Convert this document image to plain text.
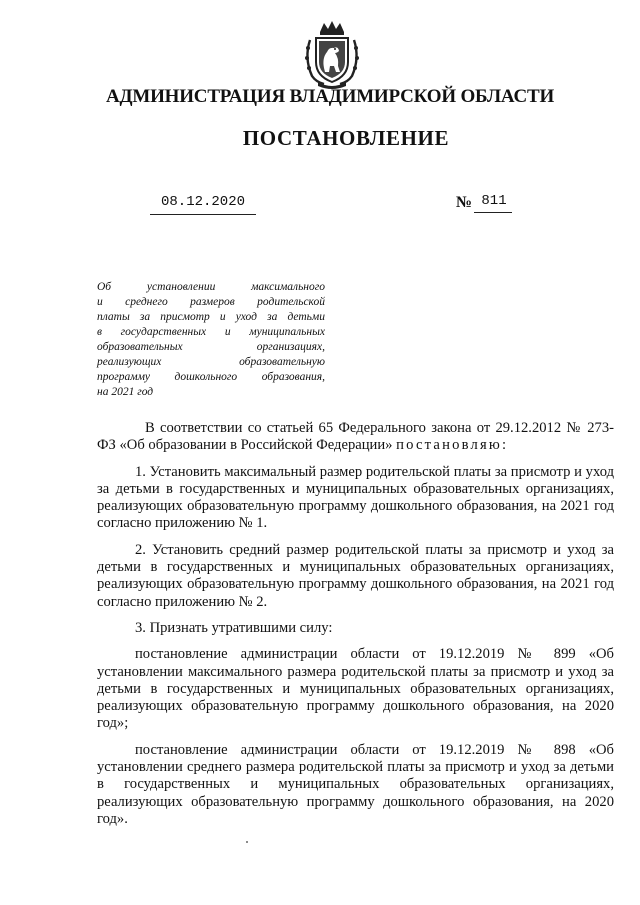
АДМИНИСТРАЦИЯ ВЛАДИМИРСКОЙ ОБЛАСТИ
ПОСТАНОВЛЕНИЕ
08.12.2020	№ 811
Об установлении максимального
и среднего размеров родительской
платы за присмотр и уход за детьми
в государственных и муниципальных
образовательных организациях,
реализующих образовательную
программу дошкольного образования,
на 2021 год

В соответствии со статьей 65 Федерального закона от 29.12.2012 № 273-ФЗ «Об образовании в Российской Федерации» постановляю:

1. Установить максимальный размер родительской платы за присмотр и уход за детьми в государственных и муниципальных образовательных организациях, реализующих образовательную программу дошкольного образования, на 2021 год согласно приложению № 1.

2. Установить средний размер родительской платы за присмотр и уход за детьми в государственных и муниципальных образовательных организациях, реализующих образовательную программу дошкольного образования, на 2021 год согласно приложению № 2.

3. Признать утратившими силу:

постановление администрации области от 19.12.2019 № 899 «Об установлении максимального размера родительской платы за присмотр и уход за детьми в государственных и муниципальных образовательных организациях, реализующих образовательную программу дошкольного образования, на 2020 год»;

постановление администрации области от 19.12.2019 № 898 «Об установлении среднего размера родительской платы за присмотр и уход за детьми в государственных и муниципальных образовательных организациях, реализующих образовательную программу дошкольного образования, на 2020 год».
